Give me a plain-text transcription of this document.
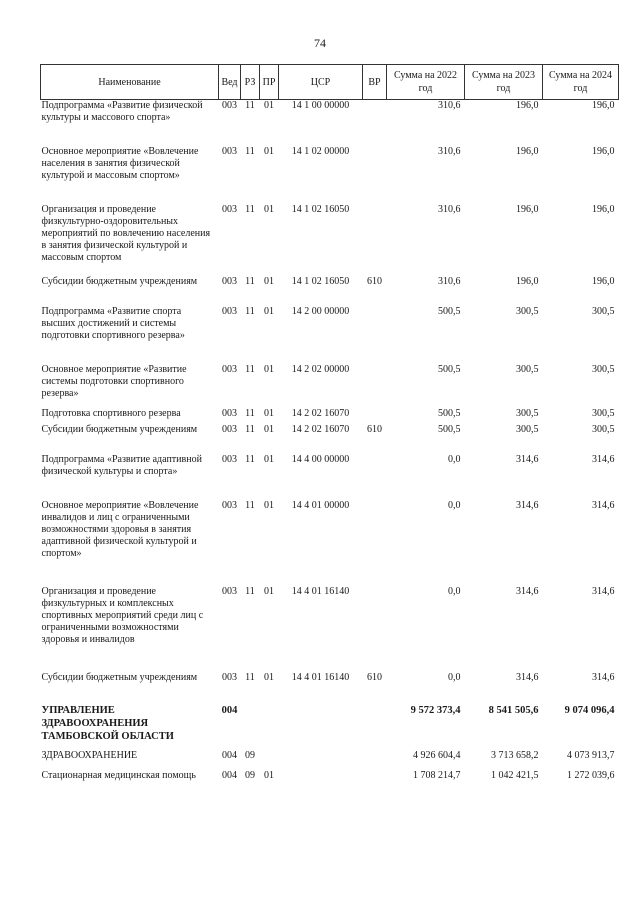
74
Наименование	Вед	РЗ	ПР	ЦСР	ВР	Сумма на 2022 год	Сумма на 2023 год	Сумма на 2024 год
Подпрограмма «Развитие физической культуры и массового спорта»	003	11	01	14 1 00 00000		310,6	196,0	196,0
Основное мероприятие «Вовлечение населения в занятия физической культурой и массовым спортом»	003	11	01	14 1 02 00000		310,6	196,0	196,0
Организация и проведение физкультурно-оздоровительных мероприятий по вовлечению населения в занятия физической культурой и массовым спортом	003	11	01	14 1 02 16050		310,6	196,0	196,0
Субсидии бюджетным учреждениям	003	11	01	14 1 02 16050	610	310,6	196,0	196,0
Подпрограмма «Развитие спорта высших достижений и системы подготовки спортивного резерва»	003	11	01	14 2 00 00000		500,5	300,5	300,5
Основное мероприятие «Развитие системы подготовки спортивного резерва»	003	11	01	14 2 02 00000		500,5	300,5	300,5
Подготовка спортивного резерва	003	11	01	14 2 02 16070		500,5	300,5	300,5
Субсидии бюджетным учреждениям	003	11	01	14 2 02 16070	610	500,5	300,5	300,5
Подпрограмма «Развитие адаптивной физической культуры и спорта»	003	11	01	14 4 00 00000		0,0	314,6	314,6
Основное мероприятие «Вовлечение инвалидов и лиц с ограниченными возможностями здоровья в занятия адаптивной физической культурой и спортом»	003	11	01	14 4 01 00000		0,0	314,6	314,6
Организация и проведение физкультурных и комплексных спортивных мероприятий среди лиц с ограниченными возможностями здоровья и инвалидов	003	11	01	14 4 01 16140		0,0	314,6	314,6
Субсидии бюджетным учреждениям	003	11	01	14 4 01 16140	610	0,0	314,6	314,6
УПРАВЛЕНИЕ ЗДРАВООХРАНЕНИЯ ТАМБОВСКОЙ ОБЛАСТИ	004					9 572 373,4	8 541 505,6	9 074 096,4
ЗДРАВООХРАНЕНИЕ	004	09				4 926 604,4	3 713 658,2	4 073 913,7
Стационарная медицинская помощь	004	09	01			1 708 214,7	1 042 421,5	1 272 039,6
